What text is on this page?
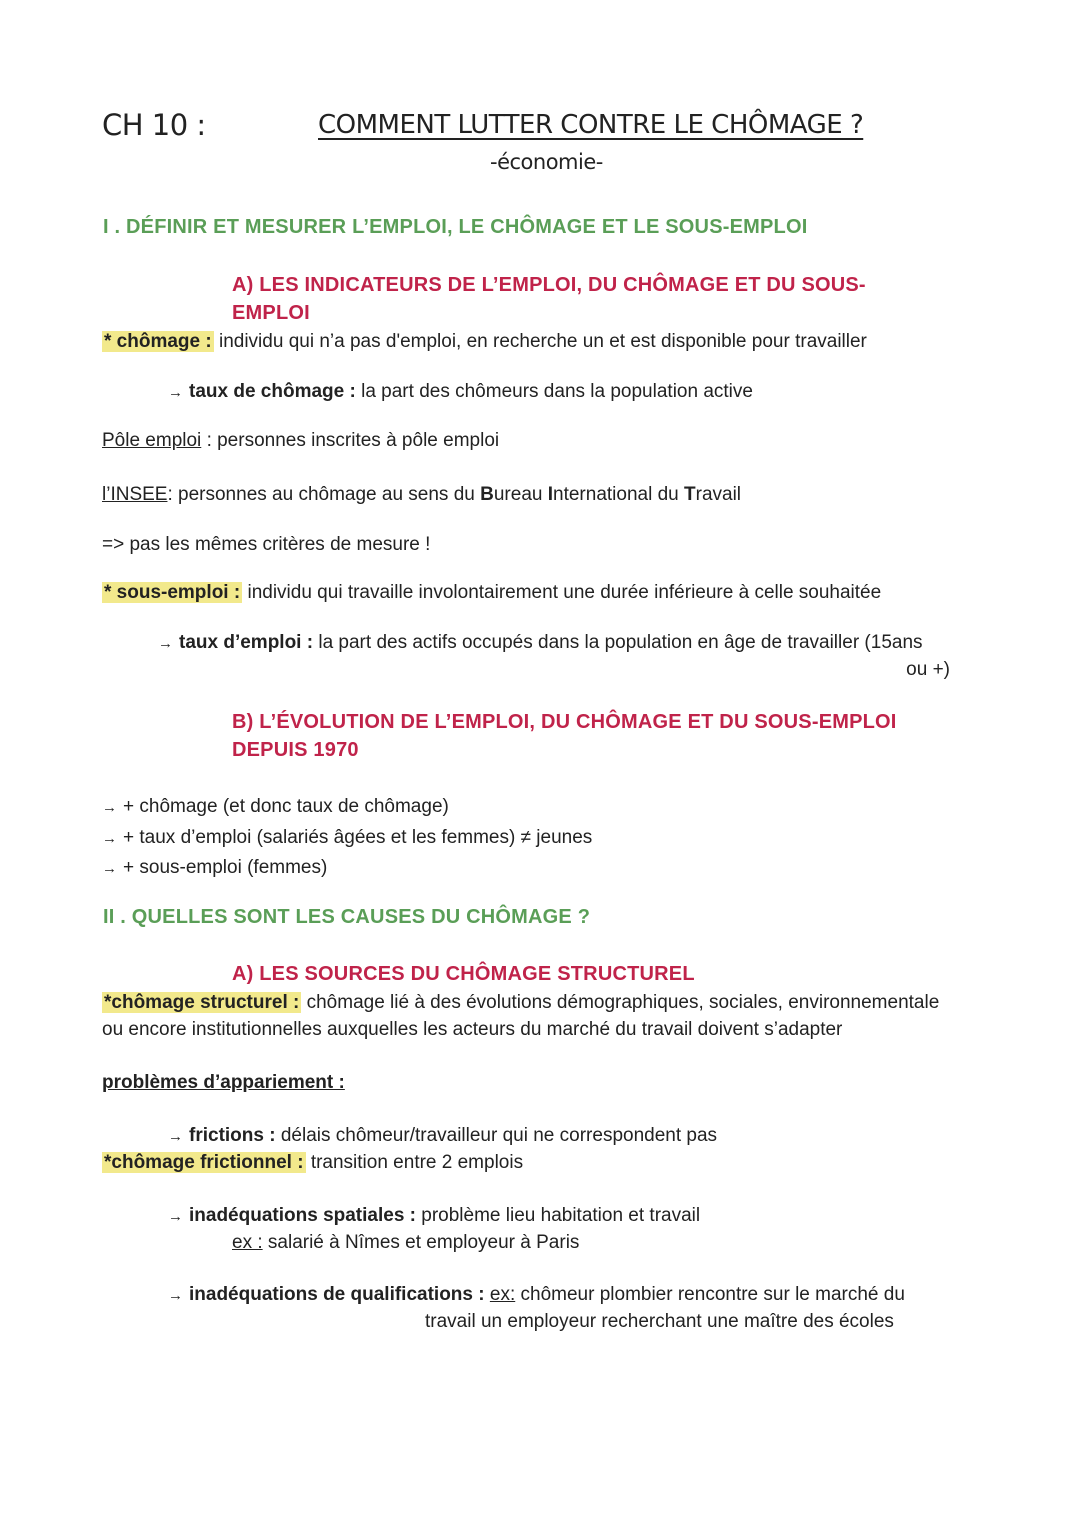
CH 10 :	COMMENT LUTTER CONTRE LE CHÔMAGE ?
-économie-
I . DÉFINIR ET MESURER L’EMPLOI, LE CHÔMAGE ET LE SOUS-EMPLOI
A) LES INDICATEURS DE L’EMPLOI, DU CHÔMAGE ET DU SOUS-
EMPLOI
* chômage : individu qui n’a pas d'emploi, en recherche un et est disponible pour travailler
→ taux de chômage : la part des chômeurs dans la population active
Pôle emploi : personnes inscrites à pôle emploi
l’INSEE: personnes au chômage au sens du Bureau International du Travail
=> pas les mêmes critères de mesure !
* sous-emploi : individu qui travaille involontairement une durée inférieure à celle souhaitée
→ taux d’emploi : la part des actifs occupés dans la population en âge de travailler (15ans
ou +)
B) L’ÉVOLUTION DE L’EMPLOI, DU CHÔMAGE ET DU SOUS-EMPLOI
DEPUIS 1970
→ + chômage (et donc taux de chômage)
→ + taux d’emploi (salariés âgées et les femmes) ≠ jeunes
→ + sous-emploi (femmes)
II . QUELLES SONT LES CAUSES DU CHÔMAGE ?
A) LES SOURCES DU CHÔMAGE STRUCTUREL
*chômage structurel : chômage lié à des évolutions démographiques, sociales, environnementale
ou encore institutionnelles auxquelles les acteurs du marché du travail doivent s’adapter
problèmes d’appariement :
→ frictions : délais chômeur/travailleur qui ne correspondent pas
*chômage frictionnel : transition entre 2 emplois
→ inadéquations spatiales : problème lieu habitation et travail
ex : salarié à Nîmes et employeur à Paris
→ inadéquations de qualifications : ex: chômeur plombier rencontre sur le marché du
travail un employeur recherchant une maître des écoles
